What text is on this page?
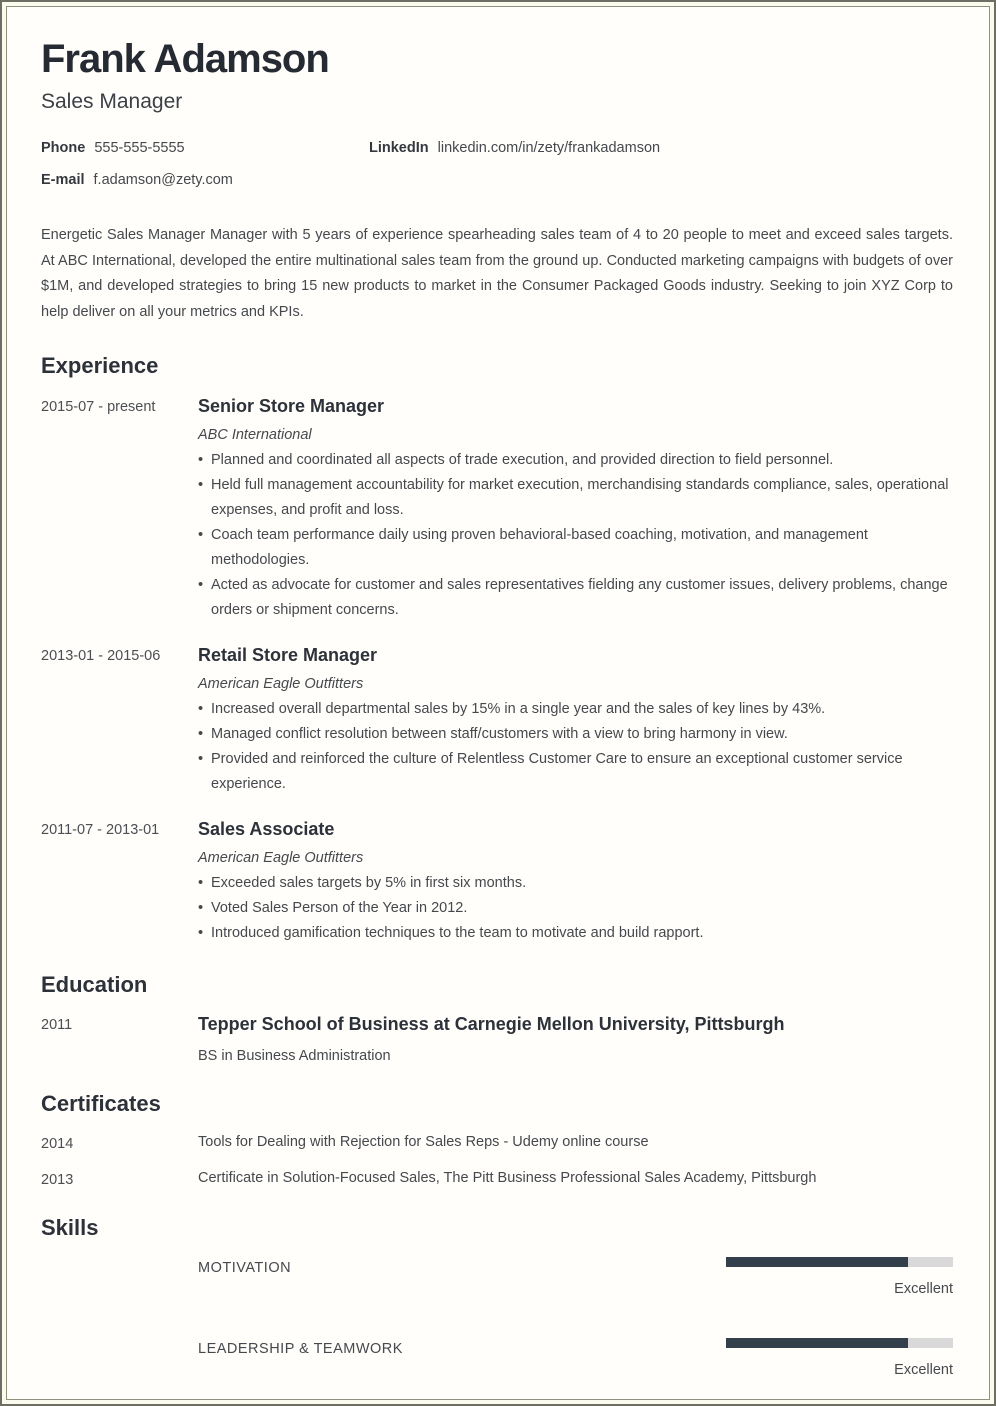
Frank Adamson
Sales Manager
Phone 555-555-5555	LinkedIn linkedin.com/in/zety/frankadamson
E-mail f.adamson@zety.com
Energetic Sales Manager Manager with 5 years of experience spearheading sales team of 4 to 20 people to meet and exceed sales targets. At ABC International, developed the entire multinational sales team from the ground up. Conducted marketing campaigns with budgets of over $1M, and developed strategies to bring 15 new products to market in the Consumer Packaged Goods industry. Seeking to join XYZ Corp to help deliver on all your metrics and KPIs.
Experience
2015-07 - present	Senior Store Manager
ABC International
• Planned and coordinated all aspects of trade execution, and provided direction to field personnel.
• Held full management accountability for market execution, merchandising standards compliance, sales, operational expenses, and profit and loss.
• Coach team performance daily using proven behavioral-based coaching, motivation, and management methodologies.
• Acted as advocate for customer and sales representatives fielding any customer issues, delivery problems, change orders or shipment concerns.
2013-01 - 2015-06	Retail Store Manager
American Eagle Outfitters
• Increased overall departmental sales by 15% in a single year and the sales of key lines by 43%.
• Managed conflict resolution between staff/customers with a view to bring harmony in view.
• Provided and reinforced the culture of Relentless Customer Care to ensure an exceptional customer service experience.
2011-07 - 2013-01	Sales Associate
American Eagle Outfitters
• Exceeded sales targets by 5% in first six months.
• Voted Sales Person of the Year in 2012.
• Introduced gamification techniques to the team to motivate and build rapport.
Education
2011	Tepper School of Business at Carnegie Mellon University, Pittsburgh
BS in Business Administration
Certificates
2014	Tools for Dealing with Rejection for Sales Reps - Udemy online course
2013	Certificate in Solution-Focused Sales, The Pitt Business Professional Sales Academy, Pittsburgh
Skills
MOTIVATION
Excellent
LEADERSHIP & TEAMWORK
Excellent
